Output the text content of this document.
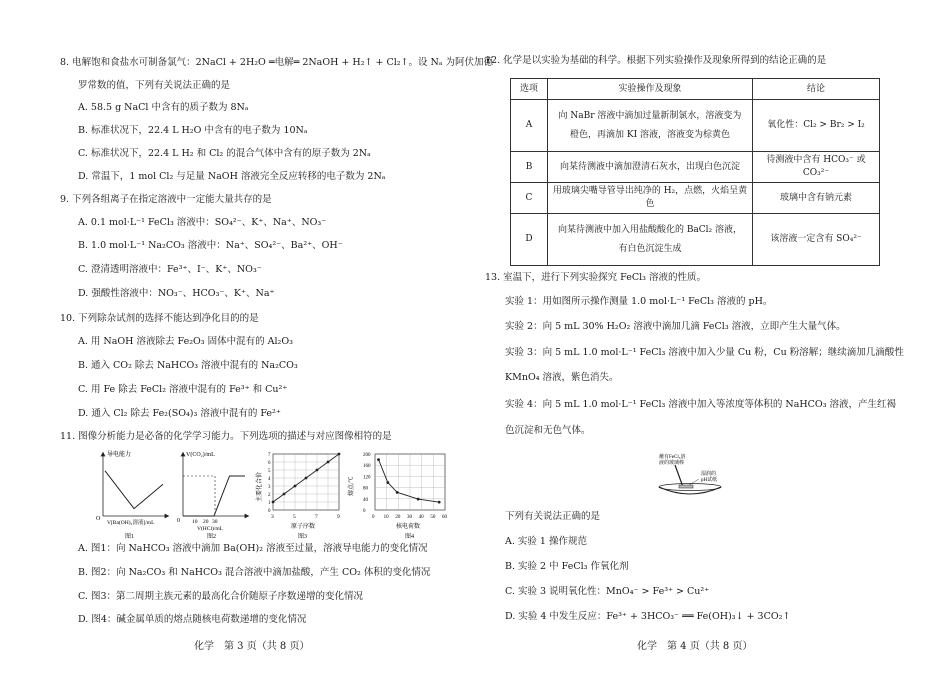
8. 电解饱和食盐水可制备氯气：2NaCl + 2H₂O ═电解═ 2NaOH + H₂↑ + Cl₂↑。设 Nₐ 为阿伏加德
罗常数的值，下列有关说法正确的是
A. 58.5 g NaCl 中含有的质子数为 8Nₐ
B. 标准状况下，22.4 L H₂O 中含有的电子数为 10Nₐ
C. 标准状况下，22.4 L H₂ 和 Cl₂ 的混合气体中含有的原子数为 2Nₐ
D. 常温下，1 mol Cl₂ 与足量 NaOH 溶液完全反应转移的电子数为 2Nₐ
9. 下列各组离子在指定溶液中一定能大量共存的是
A. 0.1 mol·L⁻¹ FeCl₃ 溶液中：SO₄²⁻、K⁺、Na⁺、NO₃⁻
B. 1.0 mol·L⁻¹ Na₂CO₃ 溶液中：Na⁺、SO₄²⁻、Ba²⁺、OH⁻
C. 澄清透明溶液中：Fe³⁺、I⁻、K⁺、NO₃⁻
D. 强酸性溶液中：NO₃⁻、HCO₃⁻、K⁺、Na⁺
10. 下列除杂试剂的选择不能达到净化目的的是
A. 用 NaOH 溶液除去 Fe₂O₃ 固体中混有的 Al₂O₃
B. 通入 CO₂ 除去 NaHCO₃ 溶液中混有的 Na₂CO₃
C. 用 Fe 除去 FeCl₂ 溶液中混有的 Fe³⁺ 和 Cu²⁺
D. 通入 Cl₂ 除去 Fe₂(SO₄)₃ 溶液中混有的 Fe²⁺
11. 图像分析能力是必备的化学学习能力。下列选项的描述与对应图像相符的是
A. 图1：向 NaHCO₃ 溶液中滴加 Ba(OH)₂ 溶液至过量，溶液导电能力的变化情况
B. 图2：向 Na₂CO₃ 和 NaHCO₃ 混合溶液中滴加盐酸，产生 CO₂ 体积的变化情况
C. 图3：第二周期主族元素的最高化合价随原子序数递增的变化情况
D. 图4：碱金属单质的熔点随核电荷数递增的变化情况
化学　第 3 页（共 8 页）
导电能力
O
V[Ba(OH)₂溶液]/mL
图1
V(CO₂)/mL
0 10 20 30
V(HCl)/mL
图2
0
1
2
3
4
5
6
7
3	5	7	9
主要化合价
原子序数
图3
0
40
80
120
160
200
0 10 20 30 40 50 60
熔点/℃
核电荷数
图4
12. 化学是以实验为基础的科学。根据下列实验操作及现象所得到的结论正确的是
13. 室温下，进行下列实验探究 FeCl₃ 溶液的性质。
实验 1：用如图所示操作测量 1.0 mol·L⁻¹ FeCl₃ 溶液的 pH。
实验 2：向 5 mL 30% H₂O₂ 溶液中滴加几滴 FeCl₃ 溶液，立即产生大量气体。
实验 3：向 5 mL 1.0 mol·L⁻¹ FeCl₃ 溶液中加入少量 Cu 粉，Cu 粉溶解；继续滴加几滴酸性
KMnO₄ 溶液，紫色消失。
实验 4：向 5 mL 1.0 mol·L⁻¹ FeCl₃ 溶液中加入等浓度等体积的 NaHCO₃ 溶液，产生红褐
色沉淀和无色气体。
下列有关说法正确的是
A. 实验 1 操作规范
B. 实验 2 中 FeCl₃ 作氧化剂
C. 实验 3 说明氧化性：MnO₄⁻ > Fe³⁺ > Cu²⁺
D. 实验 4 中发生反应：Fe³⁺ + 3HCO₃⁻ ══ Fe(OH)₃↓ + 3CO₂↑
化学　第 4 页（共 8 页）
选项	实验操作及现象	结论
A	向 NaBr 溶液中滴加过量新制氯水，溶液变为
橙色，再滴加 KI 溶液，溶液变为棕黄色	氧化性：Cl₂ > Br₂ > I₂
B	向某待测液中滴加澄清石灰水，出现白色沉淀	待测液中含有 HCO₃⁻ 或 CO₃²⁻
C	用玻璃尖嘴导管导出纯净的 H₂，点燃，火焰呈黄色	玻璃中含有钠元素
D	向某待测液中加入用盐酸酸化的 BaCl₂ 溶液，
有白色沉淀生成	该溶液一定含有 SO₄²⁻
蘸有FeCl₃溶
液的玻璃棒
湿润的
pH试纸
